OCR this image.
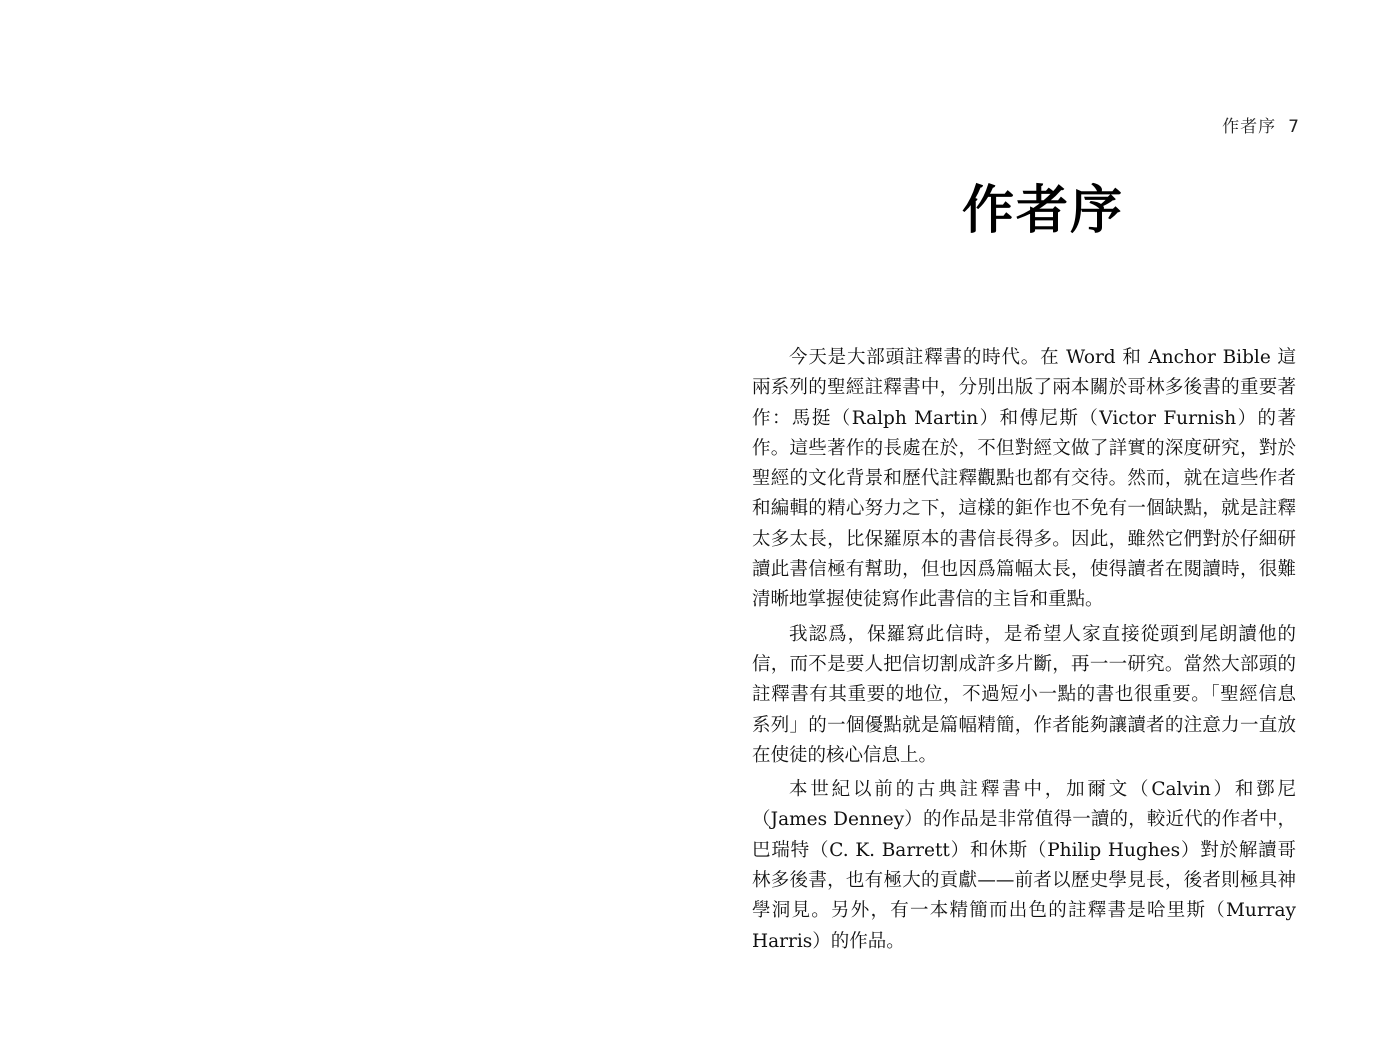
作者序 7
作者序

今天是大部頭註釋書的時代。在 Word 和 Anchor Bible 這兩系列的聖經註釋書中，分別出版了兩本關於哥林多後書的重要著作：馬挺（Ralph Martin）和傅尼斯（Victor Furnish）的著作。這些著作的長處在於，不但對經文做了詳實的深度研究，對於聖經的文化背景和歷代註釋觀點也都有交待。然而，就在這些作者和編輯的精心努力之下，這樣的鉅作也不免有一個缺點，就是註釋太多太長，比保羅原本的書信長得多。因此，雖然它們對於仔細研讀此書信極有幫助，但也因爲篇幅太長，使得讀者在閱讀時，很難清晰地掌握使徒寫作此書信的主旨和重點。

我認爲，保羅寫此信時，是希望人家直接從頭到尾朗讀他的信，而不是要人把信切割成許多片斷，再一一研究。當然大部頭的註釋書有其重要的地位，不過短小一點的書也很重要。「聖經信息系列」的一個優點就是篇幅精簡，作者能夠讓讀者的注意力一直放在使徒的核心信息上。

本世紀以前的古典註釋書中，加爾文（Calvin）和鄧尼（James Denney）的作品是非常值得一讀的，較近代的作者中，巴瑞特（C. K. Barrett）和休斯（Philip Hughes）對於解讀哥林多後書，也有極大的貢獻——前者以歷史學見長，後者則極具神學洞見。另外，有一本精簡而出色的註釋書是哈里斯（Murray Harris）的作品。
